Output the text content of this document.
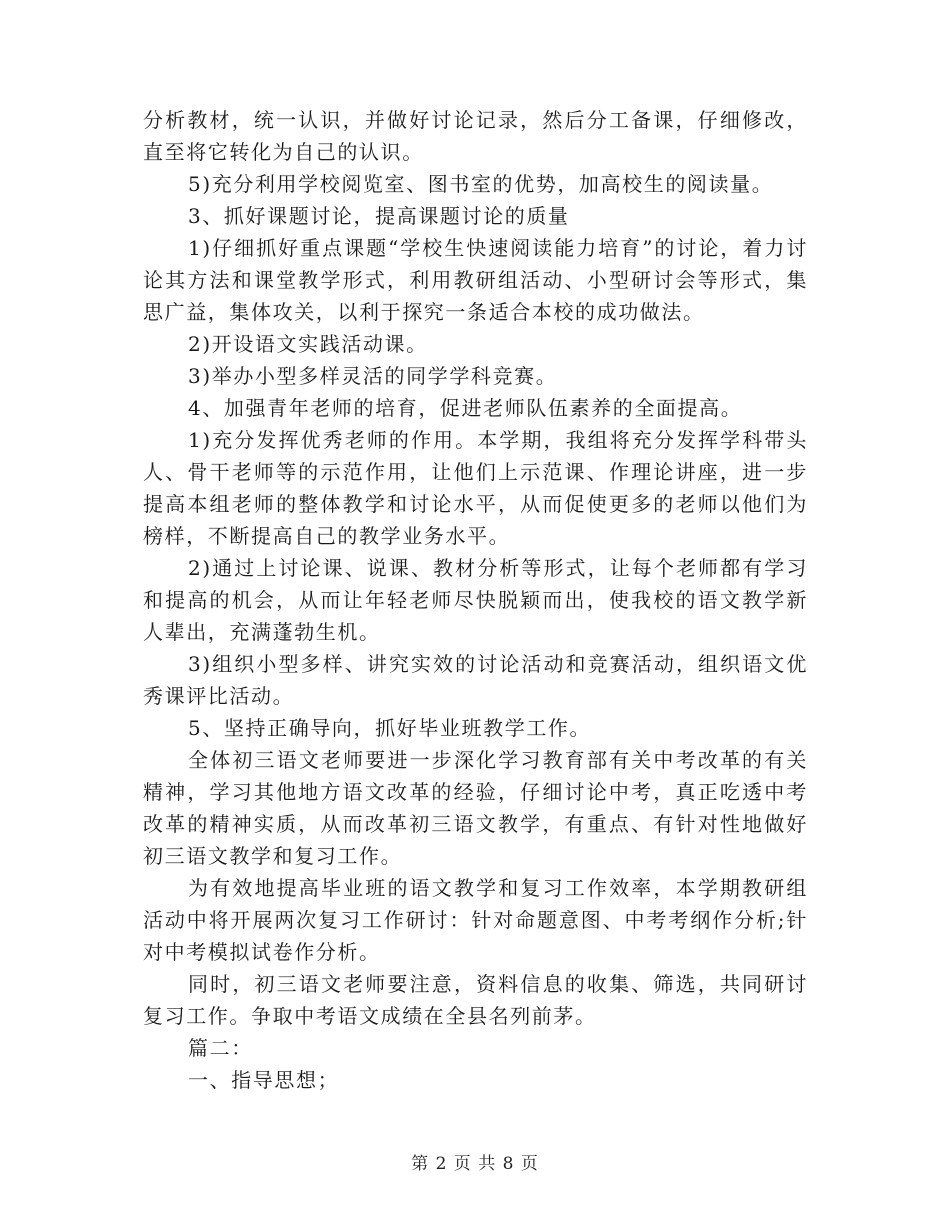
分析教材，统一认识，并做好讨论记录，然后分工备课，仔细修改，直至将它转化为自己的认识。

5)充分利用学校阅览室、图书室的优势，加高校生的阅读量。

3、抓好课题讨论，提高课题讨论的质量

1)仔细抓好重点课题“学校生快速阅读能力培育”的讨论，着力讨论其方法和课堂教学形式，利用教研组活动、小型研讨会等形式，集思广益，集体攻关，以利于探究一条适合本校的成功做法。

2)开设语文实践活动课。

3)举办小型多样灵活的同学学科竞赛。

4、加强青年老师的培育，促进老师队伍素养的全面提高。

1)充分发挥优秀老师的作用。本学期，我组将充分发挥学科带头人、骨干老师等的示范作用，让他们上示范课、作理论讲座，进一步提高本组老师的整体教学和讨论水平，从而促使更多的老师以他们为榜样，不断提高自己的教学业务水平。

2)通过上讨论课、说课、教材分析等形式，让每个老师都有学习和提高的机会，从而让年轻老师尽快脱颖而出，使我校的语文教学新人辈出，充满蓬勃生机。

3)组织小型多样、讲究实效的讨论活动和竞赛活动，组织语文优秀课评比活动。

5、坚持正确导向，抓好毕业班教学工作。

全体初三语文老师要进一步深化学习教育部有关中考改革的有关精神，学习其他地方语文改革的经验，仔细讨论中考，真正吃透中考改革的精神实质，从而改革初三语文教学，有重点、有针对性地做好初三语文教学和复习工作。

为有效地提高毕业班的语文教学和复习工作效率，本学期教研组活动中将开展两次复习工作研讨：针对命题意图、中考考纲作分析;针对中考模拟试卷作分析。

同时，初三语文老师要注意，资料信息的收集、筛选，共同研讨复习工作。争取中考语文成绩在全县名列前茅。

篇二：

一、指导思想；

第 2 页 共 8 页
